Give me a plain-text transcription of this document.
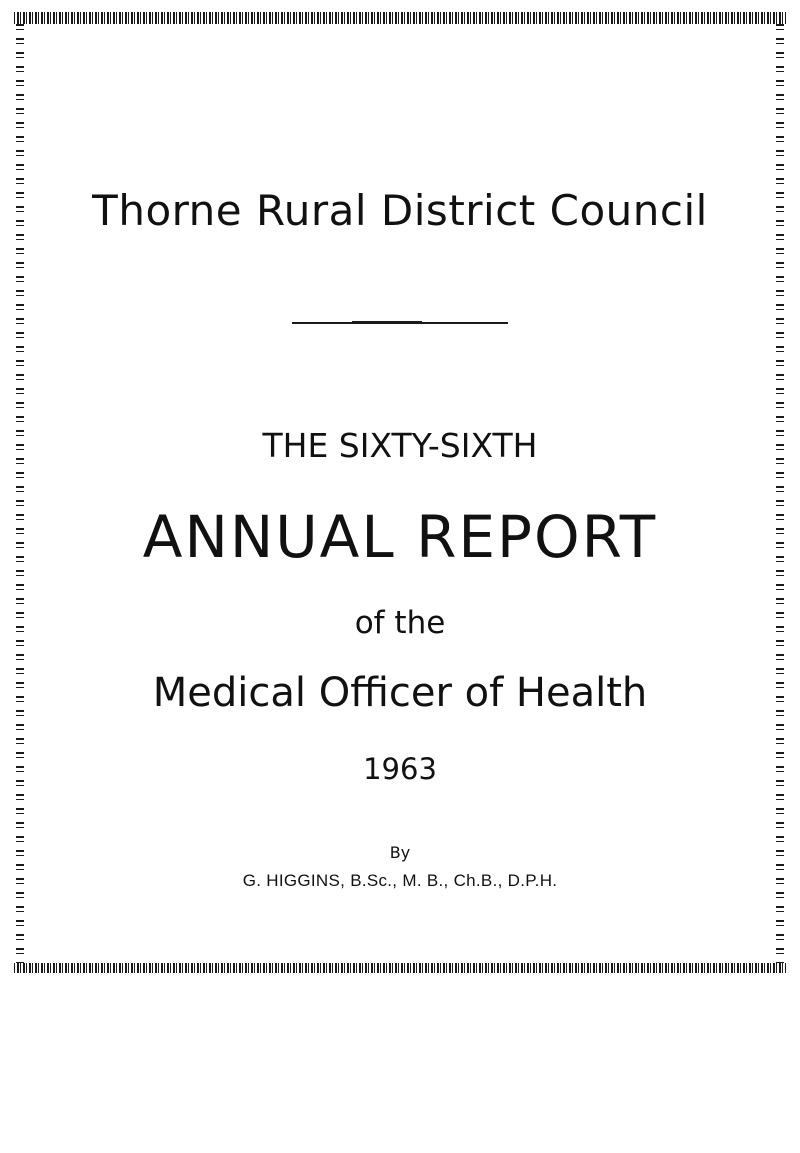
Thorne Rural District Council
THE SIXTY-SIXTH
ANNUAL REPORT
of the
Medical Officer of Health
1963
By
G. HIGGINS, B.Sc., M. B., Ch.B., D.P.H.
